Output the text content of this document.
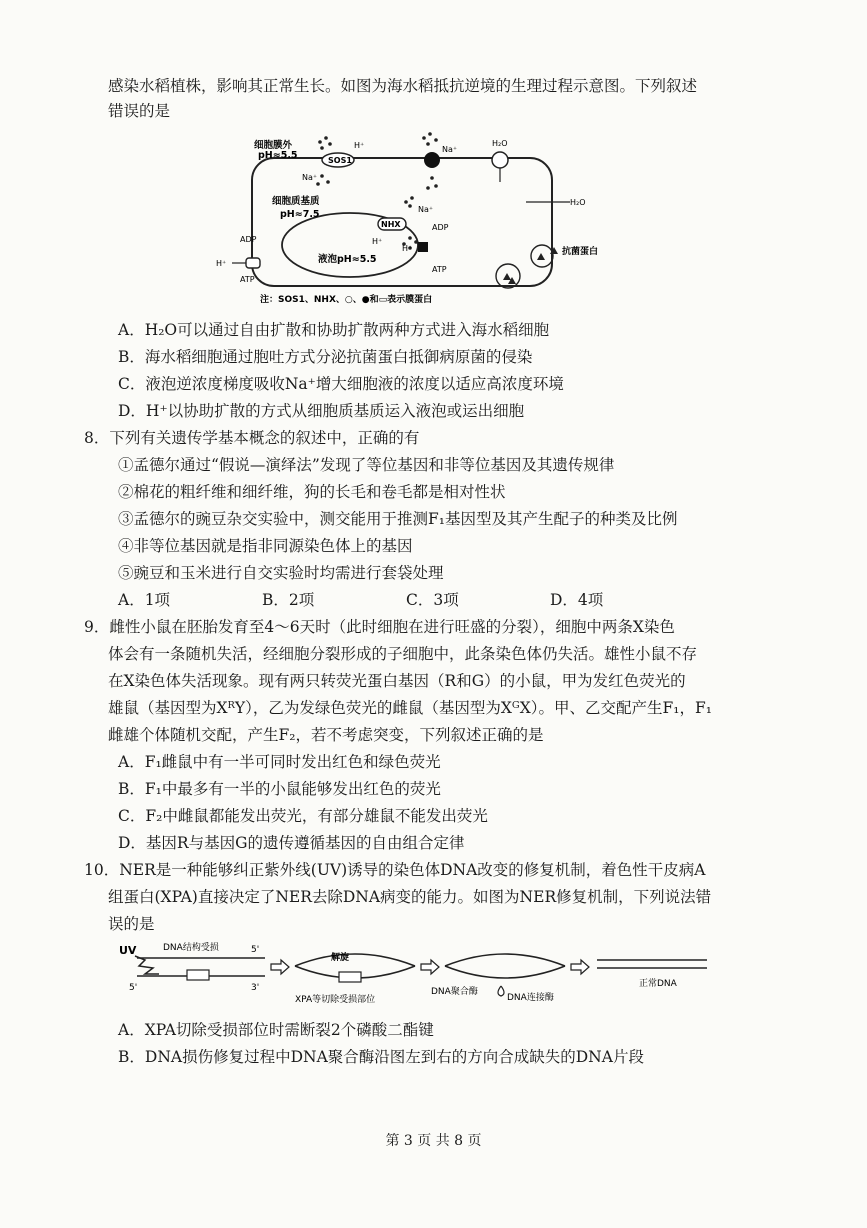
感染水稻植株，影响其正常生长。如图为海水稻抵抗逆境的生理过程示意图。下列叙述
错误的是
细胞膜外
pH≈5.5
细胞质基质
pH≈7.5
液泡pH≈5.5
SOS1
H⁺
Na⁺
Na⁺
H₂O
H₂O
NHX
H⁺
Na⁺
ADP
ATP
H⁺
ADP
ATP
H⁺
抗菌蛋白
注：SOS1、NHX、○、●和▭表示膜蛋白
A．H₂O可以通过自由扩散和协助扩散两种方式进入海水稻细胞
B．海水稻细胞通过胞吐方式分泌抗菌蛋白抵御病原菌的侵染
C．液泡逆浓度梯度吸收Na⁺增大细胞液的浓度以适应高浓度环境
D．H⁺以协助扩散的方式从细胞质基质运入液泡或运出细胞
8．下列有关遗传学基本概念的叙述中，正确的有
①孟德尔通过“假说—演绎法”发现了等位基因和非等位基因及其遗传规律
②棉花的粗纤维和细纤维，狗的长毛和卷毛都是相对性状
③孟德尔的豌豆杂交实验中，测交能用于推测F₁基因型及其产生配子的种类及比例
④非等位基因就是指非同源染色体上的基因
⑤豌豆和玉米进行自交实验时均需进行套袋处理
A．1项	B．2项	C．3项	D．4项
9．雌性小鼠在胚胎发育至4～6天时（此时细胞在进行旺盛的分裂），细胞中两条X染色
体会有一条随机失活，经细胞分裂形成的子细胞中，此条染色体仍失活。雄性小鼠不存
在X染色体失活现象。现有两只转荧光蛋白基因（R和G）的小鼠，甲为发红色荧光的
雄鼠（基因型为XᴿY），乙为发绿色荧光的雌鼠（基因型为XᴳX）。甲、乙交配产生F₁，F₁
雌雄个体随机交配，产生F₂，若不考虑突变，下列叙述正确的是
A．F₁雌鼠中有一半可同时发出红色和绿色荧光
B．F₁中最多有一半的小鼠能够发出红色的荧光
C．F₂中雌鼠都能发出荧光，有部分雄鼠不能发出荧光
D．基因R与基因G的遗传遵循基因的自由组合定律
10．NER是一种能够纠正紫外线(UV)诱导的染色体DNA改变的修复机制，着色性干皮病A
组蛋白(XPA)直接决定了NER去除DNA病变的能力。如图为NER修复机制，下列说法错
误的是
UV	DNA结构受损	5'
5'	3'
解旋
XPA等切除受损部位
DNA聚合酶
DNA连接酶
正常DNA
A．XPA切除受损部位时需断裂2个磷酸二酯键
B．DNA损伤修复过程中DNA聚合酶沿图左到右的方向合成缺失的DNA片段
第 3 页 共 8 页
